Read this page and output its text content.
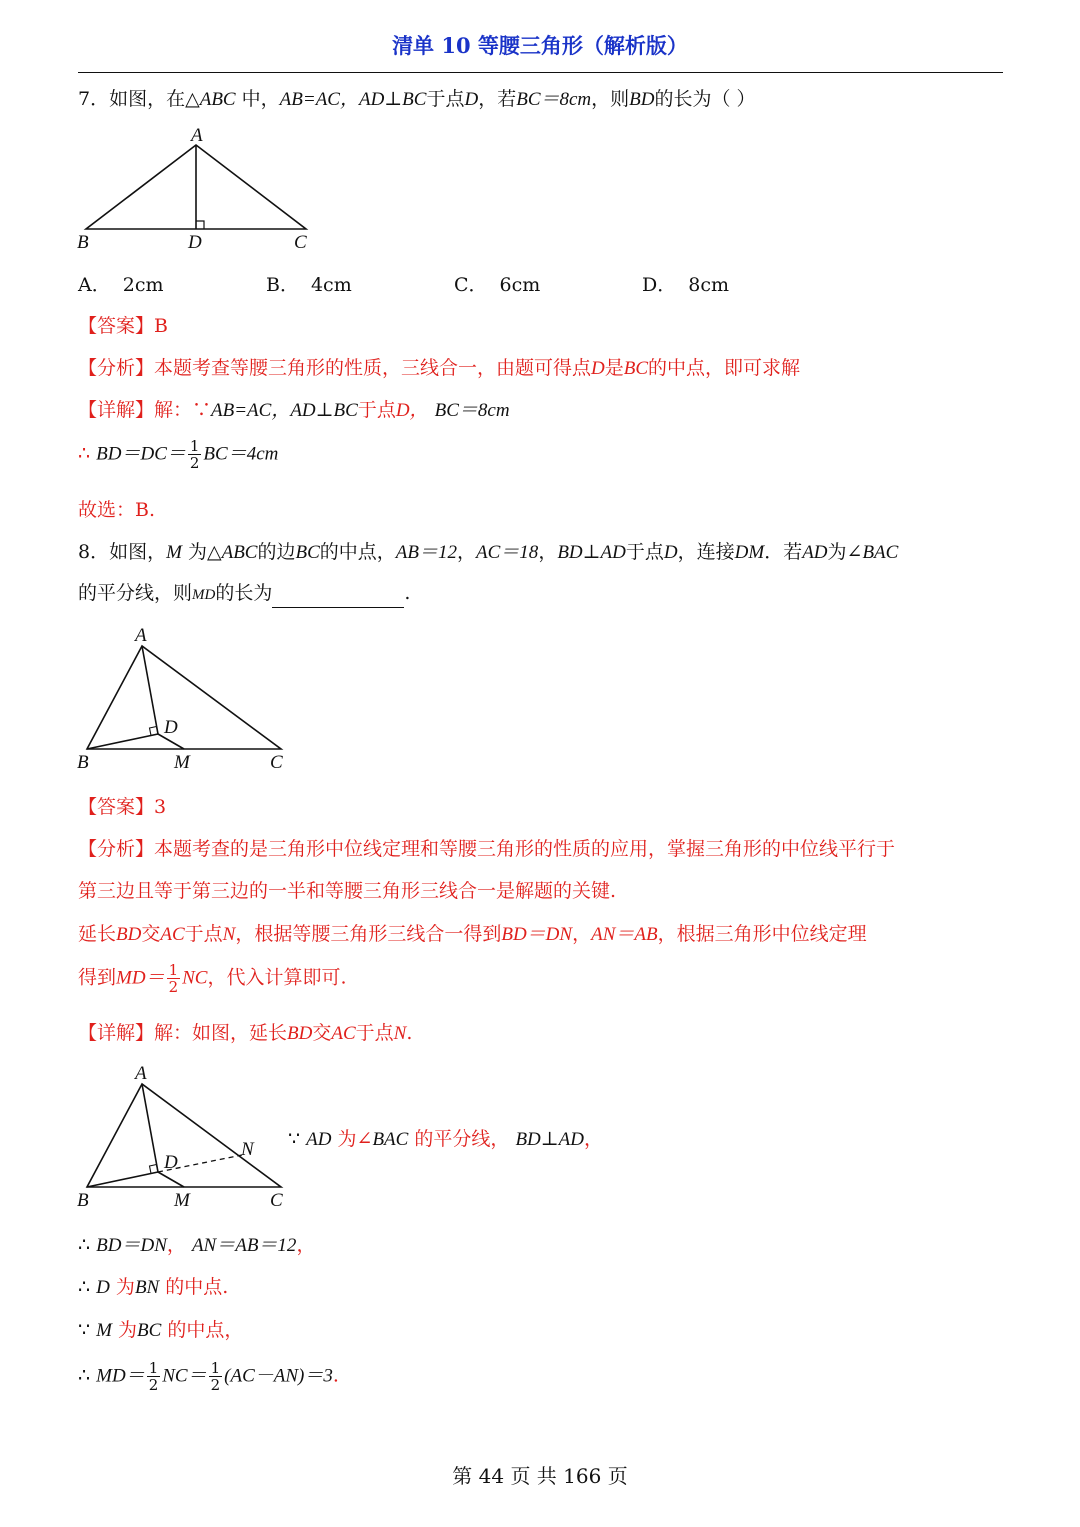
清单 10 等腰三角形（解析版）
7．如图，在△ABC 中，AB=AC，AD⊥BC于点D，若BC＝8cm，则BD的长为（ ）
A
B	D	C
A． 2cm	B． 4cm	C． 6cm	D． 8cm
【答案】B
【分析】本题考查等腰三角形的性质，三线合一，由题可得点D是BC的中点，即可求解
【详解】解：∵AB=AC，AD⊥BC于点D， BC＝8cm
∴ $BD=DC= \frac{1}{2} BC=4cm$
故选：B.
8．如图，M 为△ABC的边BC的中点，AB＝12，AC＝18，BD⊥AD于点D，连接DM．若AD为∠BAC
的平分线，则MD的长为	.
A
D
B	M	C
【答案】3
【分析】本题考查的是三角形中位线定理和等腰三角形的性质的应用，掌握三角形的中位线平行于
第三边且等于第三边的一半和等腰三角形三线合一是解题的关键.
延长BD交AC于点N，根据等腰三角形三线合一得到BD＝DN，AN＝AB，根据三角形中位线定理
得到$MD= \frac{1}{2}$ NC，代入计算即可.
【详解】解：如图，延长BD交AC于点N.
A
D
N
B	M	C
∵ AD 为∠BAC 的平分线， BD⊥AD，
∴ BD＝DN， AN＝AB＝12，
∴ D 为BN 的中点.
∵ M 为BC 的中点，
∴ $MD= \frac{1}{2} NC= \frac{1}{2} (AC-AN)=3$.
第 44 页 共 166 页
